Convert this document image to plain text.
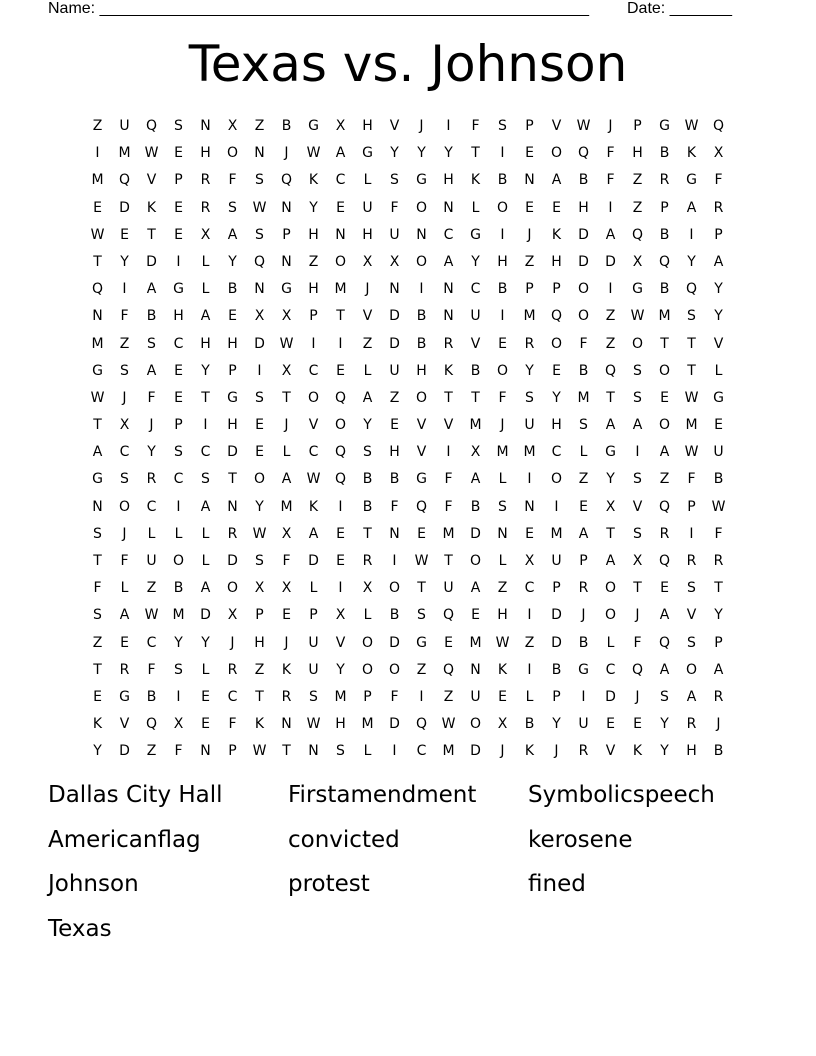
Name: _______________________________________________________ Date: _______
Texas vs. Johnson
Z	U	Q	S	N	X	Z	B	G	X	H	V	J	I	F	S	P	V	W	J	P	G	W	Q
I	M	W	E	H	O	N	J	W	A	G	Y	Y	Y	T	I	E	O	Q	F	H	B	K	X
M	Q	V	P	R	F	S	Q	K	C	L	S	G	H	K	B	N	A	B	F	Z	R	G	F
E	D	K	E	R	S	W	N	Y	E	U	F	O	N	L	O	E	E	H	I	Z	P	A	R
W	E	T	E	X	A	S	P	H	N	H	U	N	C	G	I	J	K	D	A	Q	B	I	P
T	Y	D	I	L	Y	Q	N	Z	O	X	X	O	A	Y	H	Z	H	D	D	X	Q	Y	A
Q	I	A	G	L	B	N	G	H	M	J	N	I	N	C	B	P	P	O	I	G	B	Q	Y
N	F	B	H	A	E	X	X	P	T	V	D	B	N	U	I	M	Q	O	Z	W	M	S	Y
M	Z	S	C	H	H	D	W	I	I	Z	D	B	R	V	E	R	O	F	Z	O	T	T	V
G	S	A	E	Y	P	I	X	C	E	L	U	H	K	B	O	Y	E	B	Q	S	O	T	L
W	J	F	E	T	G	S	T	O	Q	A	Z	O	T	T	F	S	Y	M	T	S	E	W	G
T	X	J	P	I	H	E	J	V	O	Y	E	V	V	M	J	U	H	S	A	A	O	M	E
A	C	Y	S	C	D	E	L	C	Q	S	H	V	I	X	M	M	C	L	G	I	A	W	U
G	S	R	C	S	T	O	A	W	Q	B	B	G	F	A	L	I	O	Z	Y	S	Z	F	B
N	O	C	I	A	N	Y	M	K	I	B	F	Q	F	B	S	N	I	E	X	V	Q	P	W
S	J	L	L	L	R	W	X	A	E	T	N	E	M	D	N	E	M	A	T	S	R	I	F
T	F	U	O	L	D	S	F	D	E	R	I	W	T	O	L	X	U	P	A	X	Q	R	R
F	L	Z	B	A	O	X	X	L	I	X	O	T	U	A	Z	C	P	R	O	T	E	S	T
S	A	W	M	D	X	P	E	P	X	L	B	S	Q	E	H	I	D	J	O	J	A	V	Y
Z	E	C	Y	Y	J	H	J	U	V	O	D	G	E	M	W	Z	D	B	L	F	Q	S	P
T	R	F	S	L	R	Z	K	U	Y	O	O	Z	Q	N	K	I	B	G	C	Q	A	O	A
E	G	B	I	E	C	T	R	S	M	P	F	I	Z	U	E	L	P	I	D	J	S	A	R
K	V	Q	X	E	F	K	N	W	H	M	D	Q	W	O	X	B	Y	U	E	E	Y	R	J
Y	D	Z	F	N	P	W	T	N	S	L	I	C	M	D	J	K	J	R	V	K	Y	H	B
Dallas City Hall	Firstamendment	Symbolicspeech
Americanflag	convicted	kerosene
Johnson	protest	fined
Texas
